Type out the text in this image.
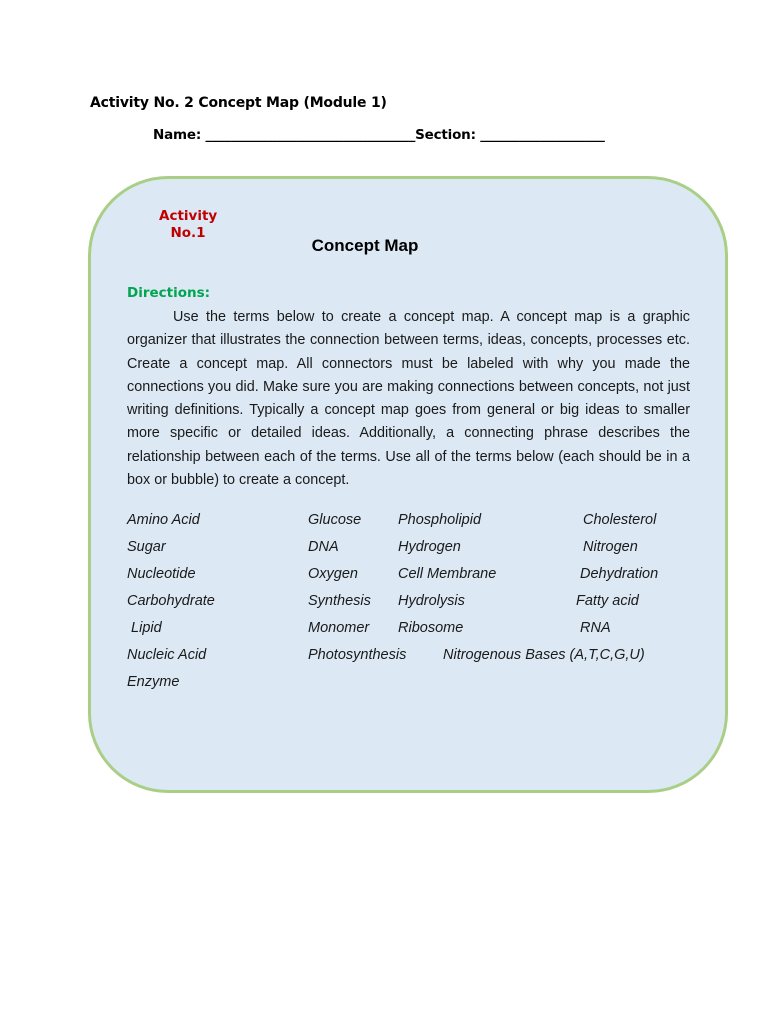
Activity No. 2 Concept Map (Module 1)
Name: ________________________________Section: ___________________
Activity
No.1
Concept Map
Directions:

Use the terms below to create a concept map. A concept map is a graphic organizer that illustrates the connection between terms, ideas, concepts, processes etc. Create a concept map. All connectors must be labeled with why you made the connections you did. Make sure you are making connections between concepts, not just writing definitions. Typically a concept map goes from general or big ideas to smaller more specific or detailed ideas. Additionally, a connecting phrase describes the relationship between each of the terms. Use all of the terms below (each should be in a box or bubble) to create a concept.

Amino Acid
Sugar
Nucleotide
Carbohydrate
Lipid
Nucleic Acid
Enzyme
Glucose
DNA
Oxygen
Synthesis
Monomer
Photosynthesis
Phospholipid
Hydrogen
Cell Membrane
Hydrolysis
Ribosome
Nitrogenous Bases (A,T,C,G,U)
Cholesterol
Nitrogen
Dehydration
Fatty acid
RNA
